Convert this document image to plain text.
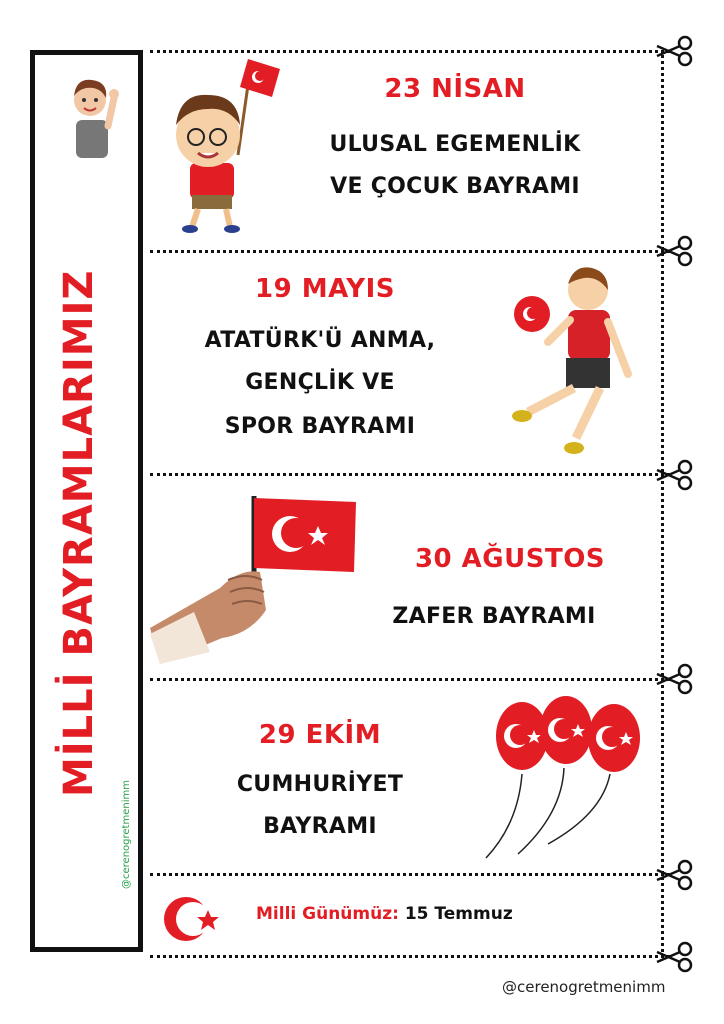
MİLLİ BAYRAMLARIMIZ
@cerenogretmenimm
23 NİSAN
ULUSAL EGEMENLİK
VE ÇOCUK BAYRAMI
19 MAYIS
ATATÜRK'Ü ANMA,
GENÇLİK VE
SPOR BAYRAMI
30 AĞUSTOS
ZAFER BAYRAMI
29 EKİM
CUMHURİYET
BAYRAMI
Milli Günümüz: 15 Temmuz
@cerenogretmenimm
